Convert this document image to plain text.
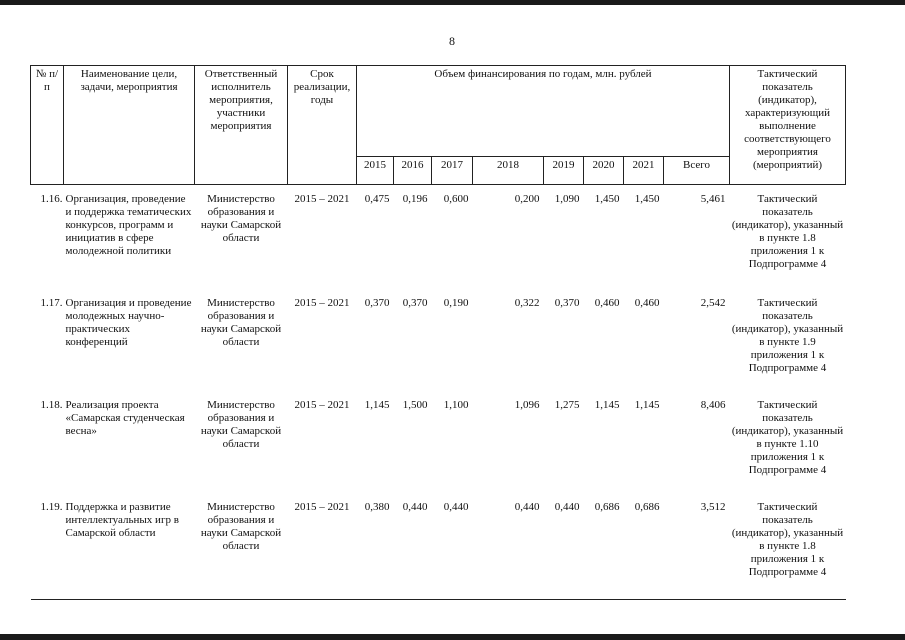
8
№ п/п	Наименование цели, задачи, мероприятия	Ответственный исполнитель мероприятия, участники мероприятия	Срок реализации, годы	Объем финансирования по годам, млн. рублей								Тактический показатель (индикатор), характеризующий выполнение соответствующего мероприятия (мероприятий)
				2015	2016	2017	2018	2019	2020	2021	Всего	

1.16.	Организация, проведение и поддержка тематических конкурсов, программ и инициатив в сфере молодежной политики	Министерство образования и науки Самарской области	2015 – 2021	0,475	0,196	0,600	0,200	1,090	1,450	1,450	5,461	Тактический показатель (индикатор), указанный в пункте 1.8 приложения 1 к Подпрограмме 4
1.17.	Организация и проведение молодежных научно-практических конференций	Министерство образования и науки Самарской области	2015 – 2021	0,370	0,370	0,190	0,322	0,370	0,460	0,460	2,542	Тактический показатель (индикатор), указанный в пункте 1.9 приложения 1 к Подпрограмме 4
1.18.	Реализация проекта «Самарская студенческая весна»	Министерство образования и науки Самарской области	2015 – 2021	1,145	1,500	1,100	1,096	1,275	1,145	1,145	8,406	Тактический показатель (индикатор), указанный в пункте 1.10 приложения 1 к Подпрограмме 4
1.19.	Поддержка и развитие интеллектуальных игр в Самарской области	Министерство образования и науки Самарской области	2015 – 2021	0,380	0,440	0,440	0,440	0,440	0,686	0,686	3,512	Тактический показатель (индикатор), указанный в пункте 1.8 приложения 1 к Подпрограмме 4
